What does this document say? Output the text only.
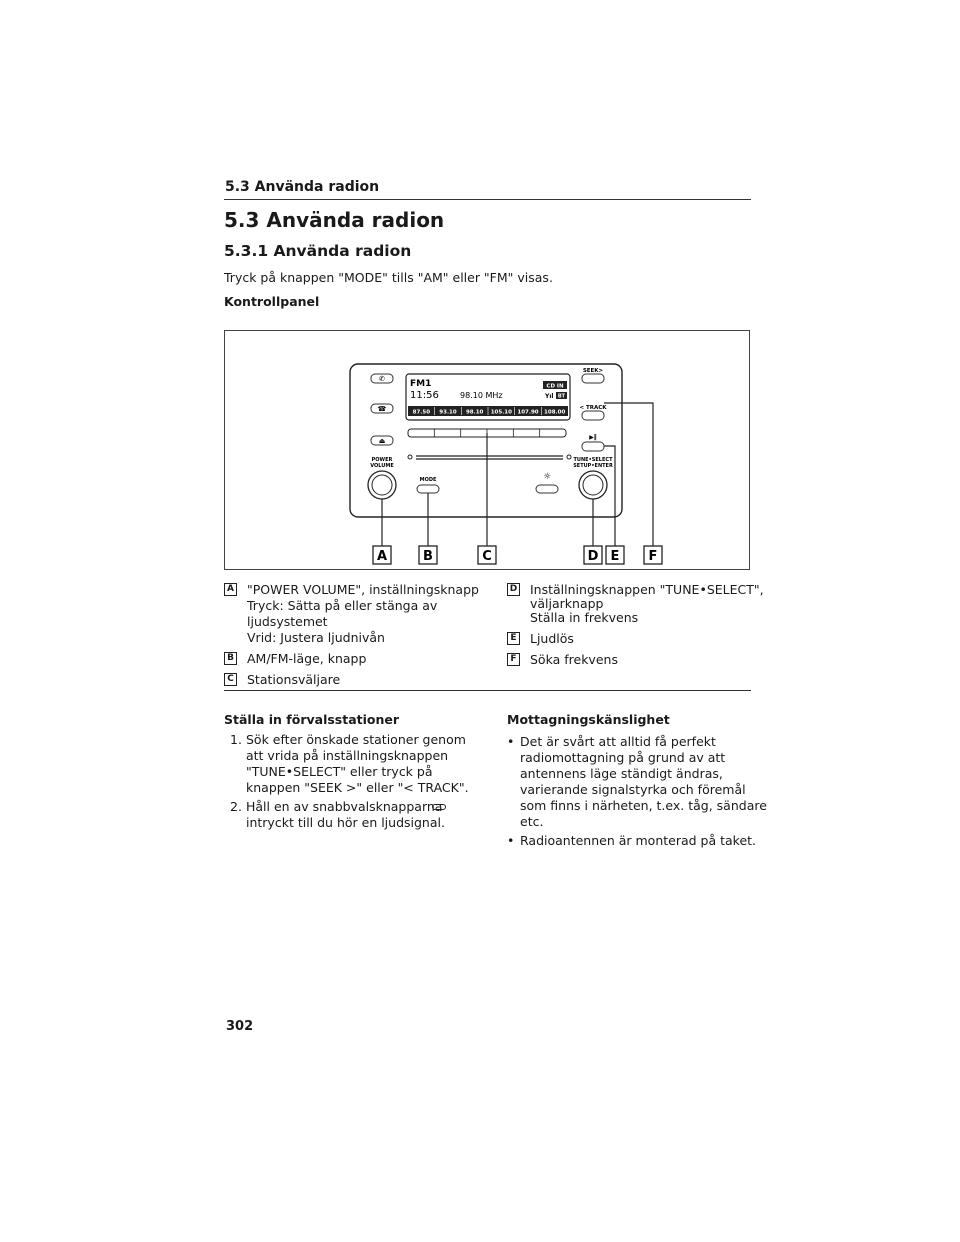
5.3 Använda radion
5.3 Använda radion
5.3.1 Använda radion
Tryck på knappen "MODE" tills "AM" eller "FM" visas.
Kontrollpanel
✆
☎
⏏
FM1
11:56	98.10 MHz
CD IN
Yıl BT
87.50 93.10 98.10 105.10 107.90 108.00
SEEK>
< TRACK
▶‖
POWER
VOLUME
MODE	☼
TUNE•SELECT
SETUP•ENTER
A	B	C	D E F
A "POWER VOLUME", inställningsknapp
Tryck: Sätta på eller stänga av
ljudsystemet
Vrid: Justera ljudnivån
B AM/FM-läge, knapp
C Stationsväljare
D Inställningsknappen "TUNE•SELECT",
väljarknapp
Ställa in frekvens
E Ljudlös
F Söka frekvens
Ställa in förvalsstationer
1. Sök efter önskade stationer genom
att vrida på inställningsknappen
"TUNE•SELECT" eller tryck på
knappen "SEEK >" eller "< TRACK".
2. Håll en av snabbvalsknapparna
intryckt till du hör en ljudsignal.
Mottagningskänslighet
• Det är svårt att alltid få perfekt
radiomottagning på grund av att
antennens läge ständigt ändras,
varierande signalstyrka och föremål
som finns i närheten, t.ex. tåg, sändare
etc.
• Radioantennen är monterad på taket.
302
